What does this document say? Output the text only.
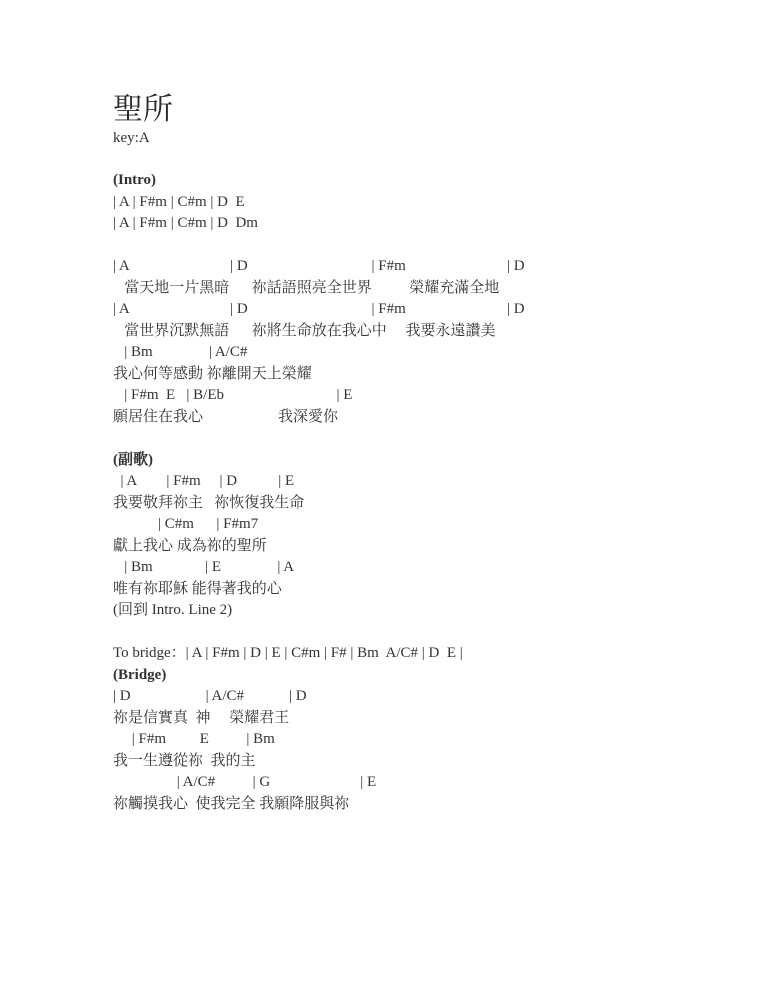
聖所
key:A
(Intro)
| A | F#m | C#m | D  E
| A | F#m | C#m | D  Dm
| A                           | D                                 | F#m                           | D
當天地一片黑暗      祢話語照亮全世界          榮耀充滿全地
| A                           | D                                 | F#m                           | D
當世界沉默無語      祢將生命放在我心中     我要永遠讚美
| Bm               | A/C#
我心何等感動 祢離開天上榮耀
| F#m  E   | B/Eb                              | E
願居住在我心                    我深愛你
(副歌)
| A        | F#m     | D           | E
我要敬拜祢主   祢恢復我生命
| C#m      | F#m7
獻上我心 成為祢的聖所
| Bm              | E               | A
唯有祢耶穌 能得著我的心
(回到 Intro. Line 2)
To bridge：| A | F#m | D | E | C#m | F# | Bm  A/C# | D  E |
(Bridge)
| D                    | A/C#            | D
祢是信實真  神     榮耀君王
| F#m         E          | Bm
我一生遵從祢  我的主
| A/C#          | G                        | E
祢觸摸我心  使我完全 我願降服與祢
